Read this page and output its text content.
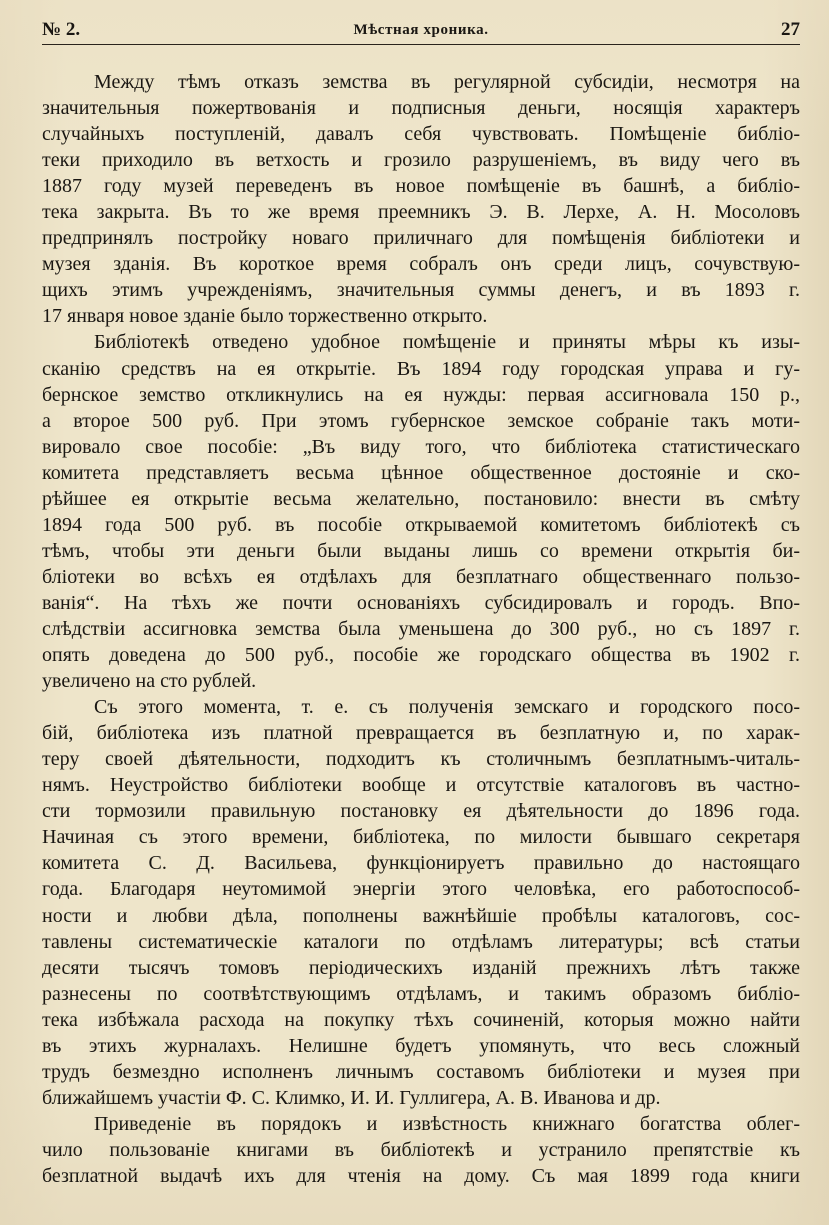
Мѣстная хроника.
№ 2.	27
Между тѣмъ отказъ земства въ регулярной субсидіи, несмотря на
значительныя пожертвованія и подписныя деньги, носящія характеръ
случайныхъ поступленій, давалъ себя чувствовать. Помѣщеніе библіо-
теки приходило въ ветхость и грозило разрушеніемъ, въ виду чего въ
1887 году музей переведенъ въ новое помѣщеніе въ башнѣ, а библіо-
тека закрыта. Въ то же время преемникъ Э. В. Лерхе, А. Н. Мосоловъ
предпринялъ постройку новаго приличнаго для помѣщенія библіотеки и
музея зданія. Въ короткое время собралъ онъ среди лицъ, сочувствую-
щихъ этимъ учрежденіямъ, значительныя суммы денегъ, и въ 1893 г.
17 января новое зданіе было торжественно открыто.
Библіотекѣ отведено удобное помѣщеніе и приняты мѣры къ изы-
сканію средствъ на ея открытіе. Въ 1894 году городская управа и гу-
бернское земство откликнулись на ея нужды: первая ассигновала 150 р.,
а второе 500 руб. При этомъ губернское земское собраніе такъ моти-
вировало свое пособіе: „Въ виду того, что библіотека статистическаго
комитета представляетъ весьма цѣнное общественное достояніе и ско-
рѣйшее ея открытіе весьма желательно, постановило: внести въ смѣту
1894 года 500 руб. въ пособіе открываемой комитетомъ библіотекѣ съ
тѣмъ, чтобы эти деньги были выданы лишь со времени открытія би-
бліотеки во всѣхъ ея отдѣлахъ для безплатнаго общественнаго пользо-
ванія“. На тѣхъ же почти основаніяхъ субсидировалъ и городъ. Впо-
слѣдствіи ассигновка земства была уменьшена до 300 руб., но съ 1897 г.
опять доведена до 500 руб., пособіе же городскаго общества въ 1902 г.
увеличено на сто рублей.
Съ этого момента, т. е. съ полученія земскаго и городского посо-
бій, библіотека изъ платной превращается въ безплатную и, по харак-
теру своей дѣятельности, подходитъ къ столичнымъ безплатнымъ-читаль-
нямъ. Неустройство библіотеки вообще и отсутствіе каталоговъ въ частно-
сти тормозили правильную постановку ея дѣятельности до 1896 года.
Начиная съ этого времени, библіотека, по милости бывшаго секретаря
комитета С. Д. Васильева, функціонируетъ правильно до настоящаго
года. Благодаря неутомимой энергіи этого человѣка, его работоспособ-
ности и любви дѣла, пополнены важнѣйшіе пробѣлы каталоговъ, сос-
тавлены систематическіе каталоги по отдѣламъ литературы; всѣ статьи
десяти тысячъ томовъ періодическихъ изданій прежнихъ лѣтъ также
разнесены по соотвѣтствующимъ отдѣламъ, и такимъ образомъ библіо-
тека избѣжала расхода на покупку тѣхъ сочиненій, которыя можно найти
въ этихъ журналахъ. Нелишне будетъ упомянуть, что весь сложный
трудъ безмездно исполненъ личнымъ составомъ библіотеки и музея при
ближайшемъ участіи Ф. С. Климко, И. И. Гуллигера, А. В. Иванова и др.
Приведеніе въ порядокъ и извѣстность книжнаго богатства облег-
чило пользованіе книгами въ библіотекѣ и устранило препятствіе къ
безплатной выдачѣ ихъ для чтенія на дому. Съ мая 1899 года книги
